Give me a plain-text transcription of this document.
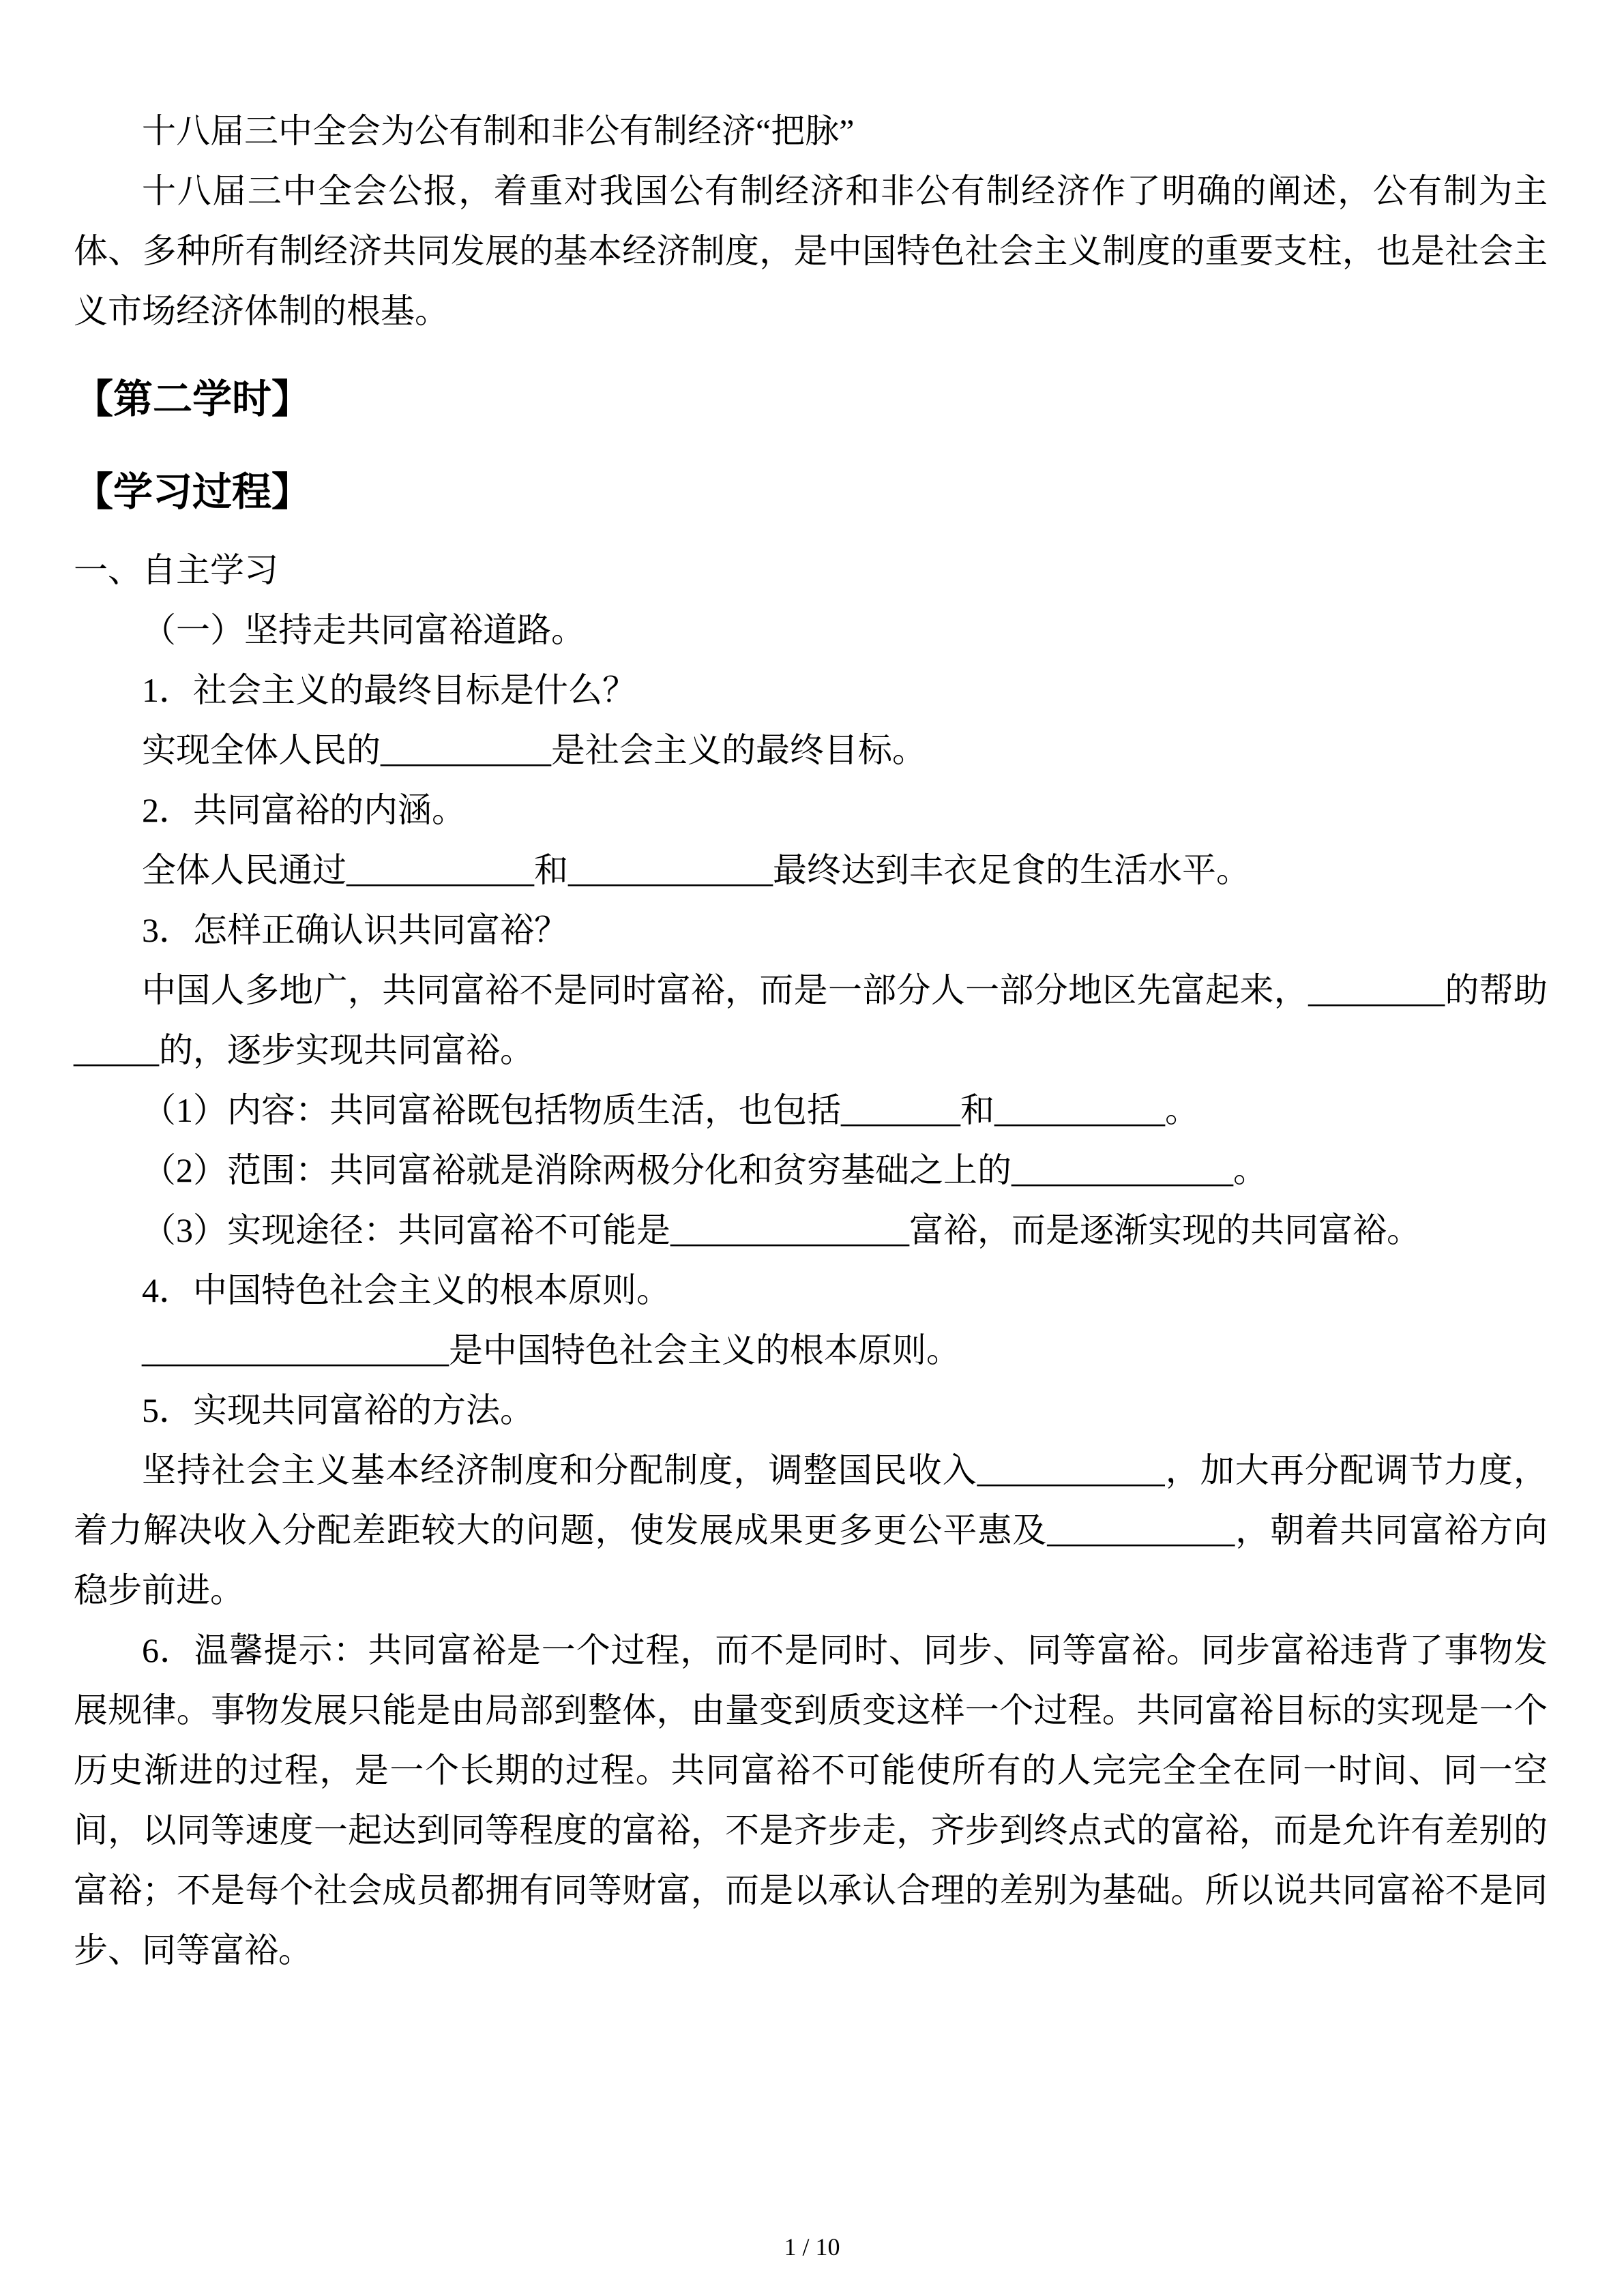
十八届三中全会为公有制和非公有制经济“把脉”

十八届三中全会公报，着重对我国公有制经济和非公有制经济作了明确的阐述，公有制为主体、多种所有制经济共同发展的基本经济制度，是中国特色社会主义制度的重要支柱，也是社会主义市场经济体制的根基。

【第二学时】
【学习过程】

一、自主学习

（一）坚持走共同富裕道路。

1．社会主义的最终目标是什么？

实现全体人民的__________是社会主义的最终目标。

2．共同富裕的内涵。

全体人民通过___________和____________最终达到丰衣足食的生活水平。

3．怎样正确认识共同富裕？

中国人多地广，共同富裕不是同时富裕，而是一部分人一部分地区先富起来，________的帮助_____的，逐步实现共同富裕。

（1）内容：共同富裕既包括物质生活，也包括_______和__________。

（2）范围：共同富裕就是消除两极分化和贫穷基础之上的_____________。

（3）实现途径：共同富裕不可能是______________富裕，而是逐渐实现的共同富裕。

4．中国特色社会主义的根本原则。

__________________是中国特色社会主义的根本原则。

5．实现共同富裕的方法。

坚持社会主义基本经济制度和分配制度，调整国民收入___________，加大再分配调节力度，着力解决收入分配差距较大的问题，使发展成果更多更公平惠及___________，朝着共同富裕方向稳步前进。

6．温馨提示：共同富裕是一个过程，而不是同时、同步、同等富裕。同步富裕违背了事物发展规律。事物发展只能是由局部到整体，由量变到质变这样一个过程。共同富裕目标的实现是一个历史渐进的过程，是一个长期的过程。共同富裕不可能使所有的人完完全全在同一时间、同一空间，以同等速度一起达到同等程度的富裕，不是齐步走，齐步到终点式的富裕，而是允许有差别的富裕；不是每个社会成员都拥有同等财富，而是以承认合理的差别为基础。所以说共同富裕不是同步、同等富裕。

1 / 10
